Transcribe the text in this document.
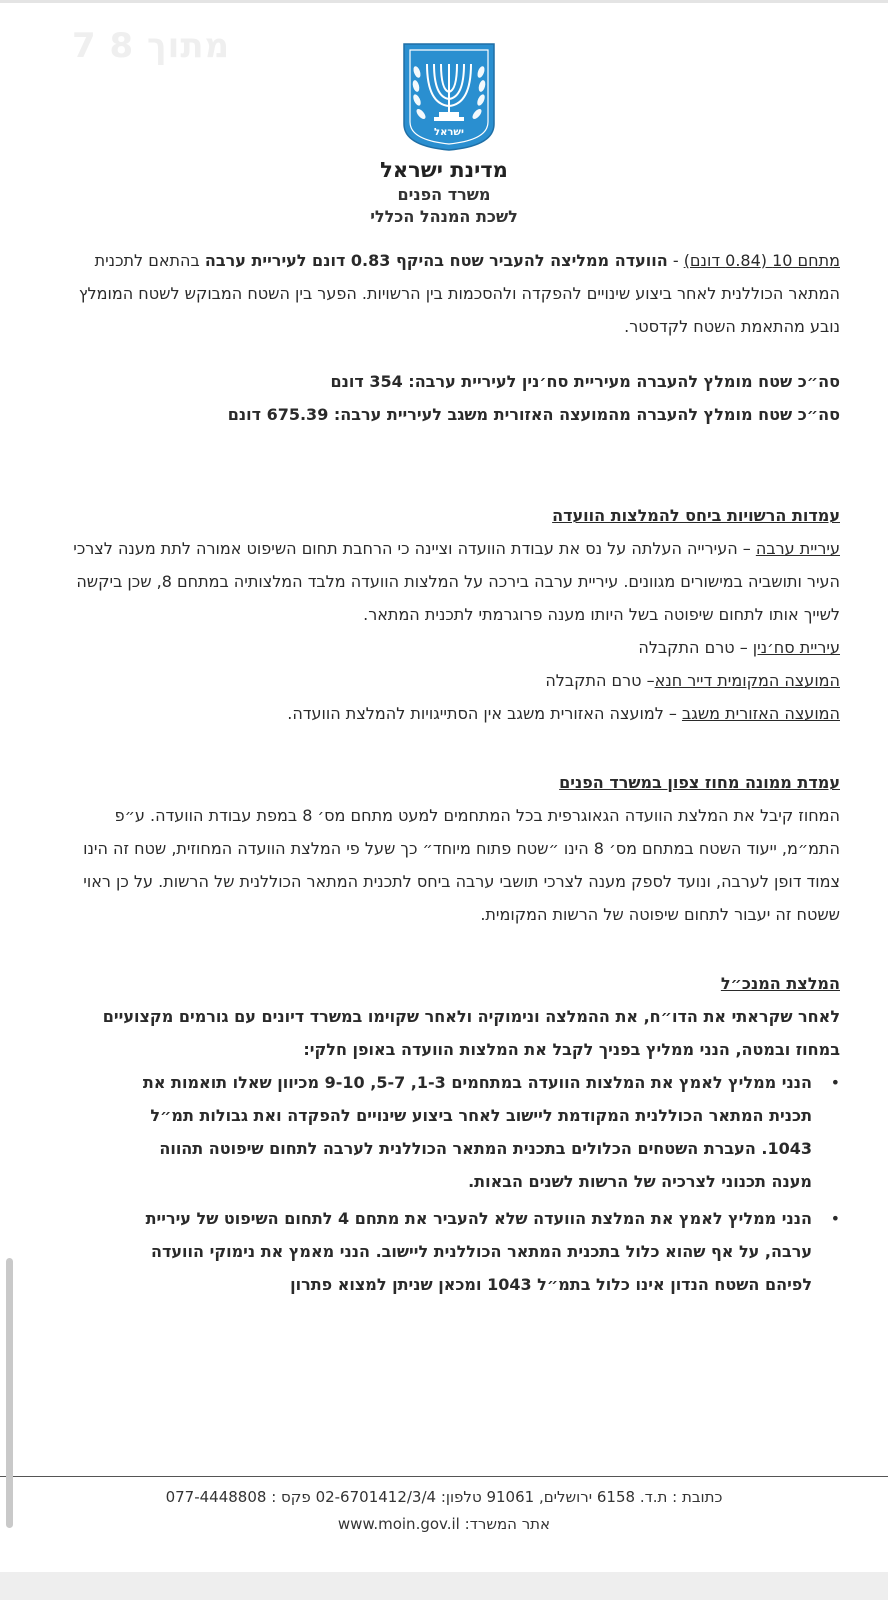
7 מתוך 8
ישראל
מדינת ישראל
משרד הפנים
לשכת המנהל הכללי

מתחם 10 (0.84 דונם) - הוועדה ממליצה להעביר שטח בהיקף 0.83 דונם לעיריית ערבה בהתאם לתכנית המתאר הכוללנית לאחר ביצוע שינויים להפקדה ולהסכמות בין הרשויות. הפער בין השטח המבוקש לשטח המומלץ נובע מהתאמת השטח לקדסטר.

סה״כ שטח מומלץ להעברה מעיריית סח׳נין לעיריית ערבה: 354 דונם

סה״כ שטח מומלץ להעברה מהמועצה האזורית משגב לעיריית ערבה: 675.39 דונם

עמדות הרשויות ביחס להמלצות הוועדה

עיריית ערבה – העירייה העלתה על נס את עבודת הוועדה וציינה כי הרחבת תחום השיפוט אמורה לתת מענה לצרכי העיר ותושביה במישורים מגוונים. עיריית ערבה בירכה על המלצות הוועדה מלבד המלצותיה במתחם 8, שכן ביקשה לשייך אותו לתחום שיפוטה בשל היותו מענה פרוגרמתי לתכנית המתאר.

עיריית סח׳נין – טרם התקבלה

המועצה המקומית דייר חנא– טרם התקבלה

המועצה האזורית משגב – למועצה האזורית משגב אין הסתייגויות להמלצת הוועדה.

עמדת ממונה מחוז צפון במשרד הפנים

המחוז קיבל את המלצת הוועדה הגאוגרפית בכל המתחמים למעט מתחם מס׳ 8 במפת עבודת הוועדה. ע״פ התמ״מ, ייעוד השטח במתחם מס׳ 8 הינו ״שטח פתוח מיוחד״ כך שעל פי המלצת הוועדה המחוזית, שטח זה הינו צמוד דופן לערבה, ונועד לספק מענה לצרכי תושבי ערבה ביחס לתכנית המתאר הכוללנית של הרשות. על כן ראוי ששטח זה יעבור לתחום שיפוטה של הרשות המקומית.

המלצת המנכ״ל

לאחר שקראתי את הדו״ח, את ההמלצה ונימוקיה ולאחר שקוימו במשרד דיונים עם גורמים מקצועיים במחוז ובמטה, הנני ממליץ בפניך לקבל את המלצות הוועדה באופן חלקי:

•
הנני ממליץ לאמץ את המלצות הוועדה במתחמים 1-3, 5-7, 9-10 מכיוון שאלו תואמות את תכנית המתאר הכוללנית המקודמת ליישוב לאחר ביצוע שינויים להפקדה ואת גבולות תמ״ל 1043. העברת השטחים הכלולים בתכנית המתאר הכוללנית לערבה לתחום שיפוטה תהווה מענה תכנוני לצרכיה של הרשות לשנים הבאות.
•
הנני ממליץ לאמץ את המלצת הוועדה שלא להעביר את מתחם 4 לתחום השיפוט של עיריית ערבה, על אף שהוא כלול בתכנית המתאר הכוללנית ליישוב. הנני מאמץ את נימוקי הוועדה לפיהם השטח הנדון אינו כלול בתמ״ל 1043 ומכאן שניתן למצוא פתרון
כתובת : ת.ד. 6158 ירושלים, 91061 טלפון: 02-6701412/3/4 פקס : 077-4448808
אתר המשרד: www.moin.gov.il
